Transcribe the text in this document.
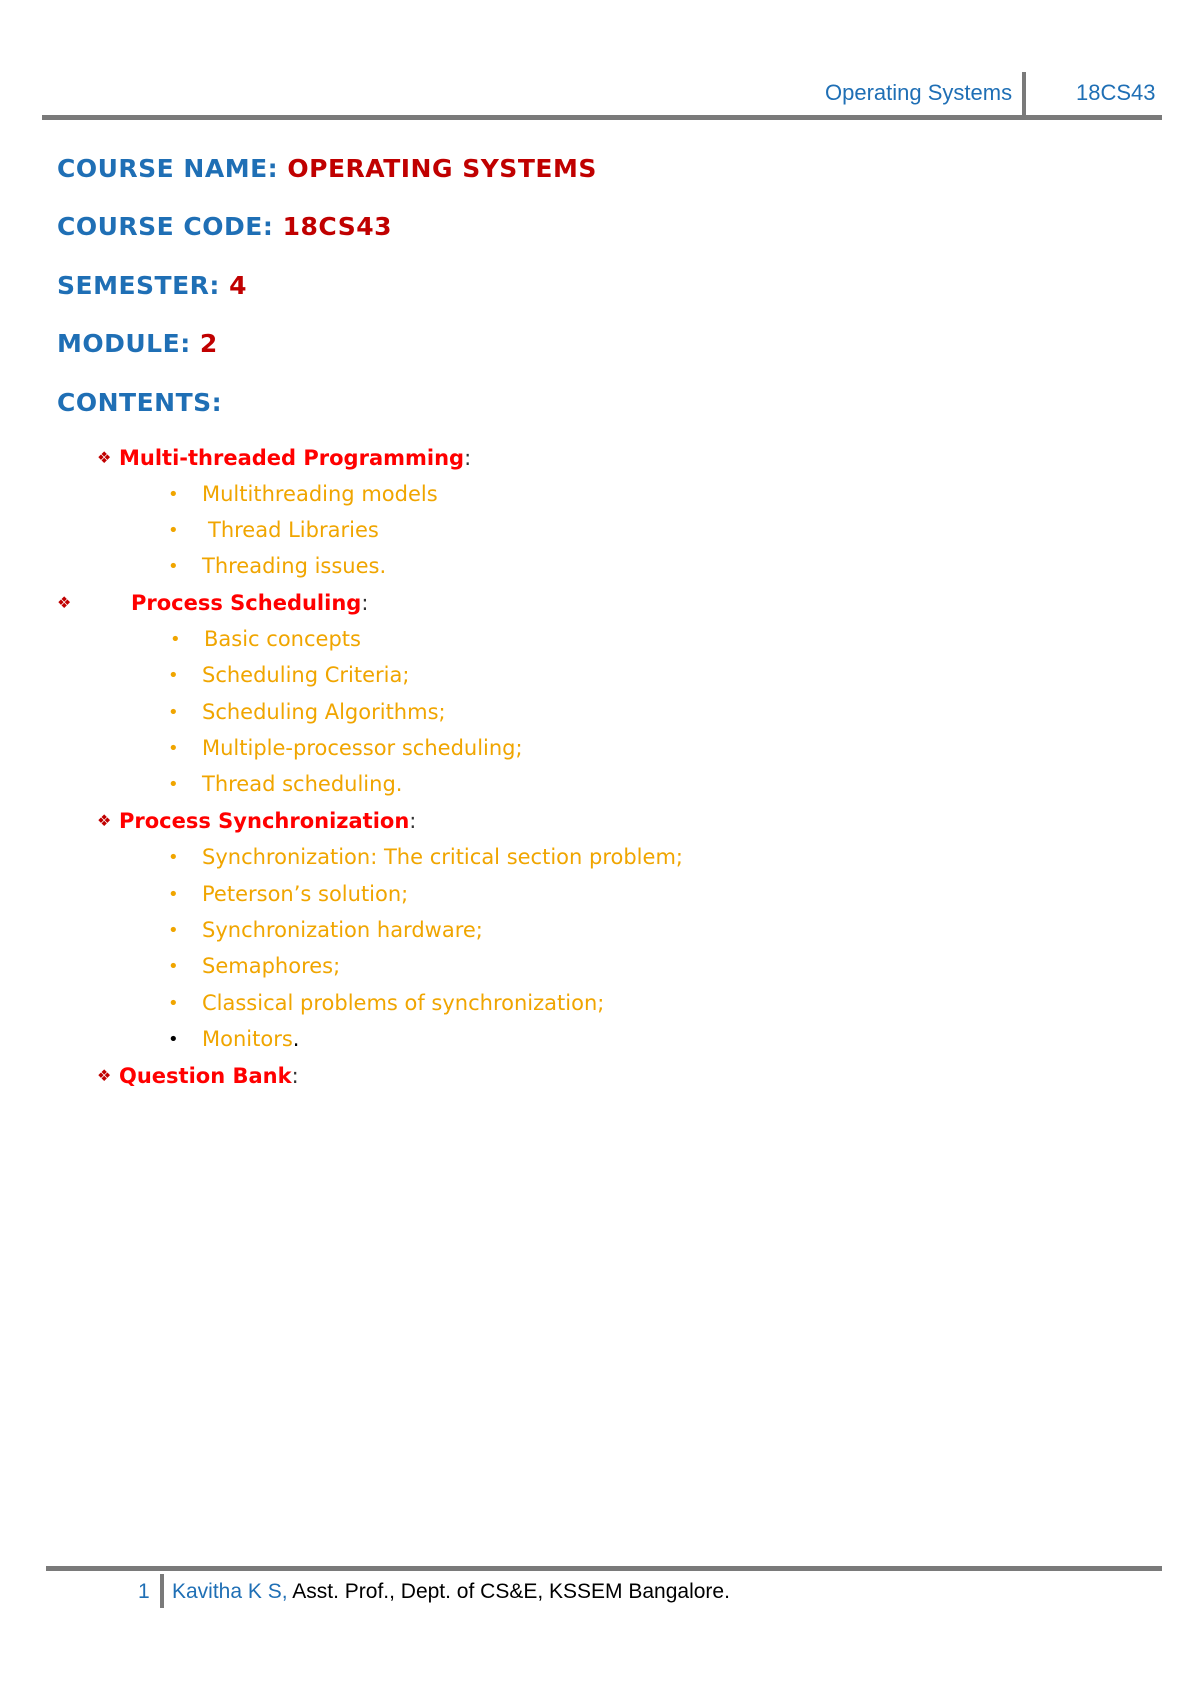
Operating Systems	18CS43
COURSE NAME: OPERATING SYSTEMS
COURSE CODE: 18CS43
SEMESTER: 4
MODULE: 2
CONTENTS:
❖ Multi-threaded Programming:
• Multithreading models
• Thread Libraries
• Threading issues.
❖	Process Scheduling:
• Basic concepts
• Scheduling Criteria;
• Scheduling Algorithms;
• Multiple-processor scheduling;
• Thread scheduling.
❖ Process Synchronization:
• Synchronization: The critical section problem;
• Peterson’s solution;
• Synchronization hardware;
• Semaphores;
• Classical problems of synchronization;
• Monitors.
❖ Question Bank:
1 Kavitha K S, Asst. Prof., Dept. of CS&E, KSSEM Bangalore.
